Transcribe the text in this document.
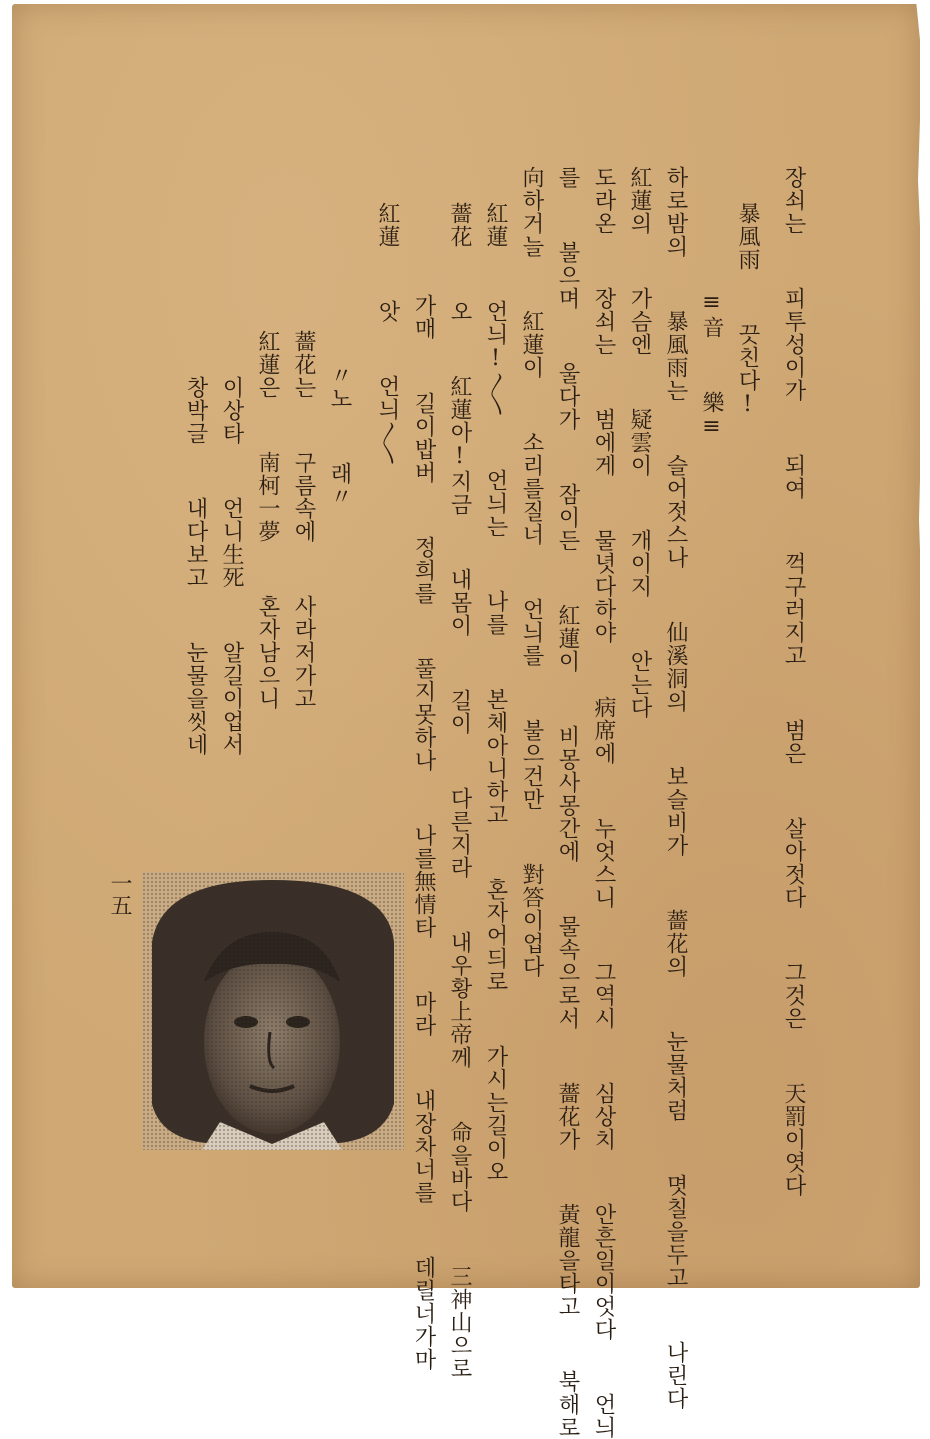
장쇠는  피투성이가  되여  꺽구러지고  범은  살아젓다  그것은  天罰이엿다
暴風雨  끗친다!
≡音  樂≡
하로밤의  暴風雨는  슬어젓스나  仙溪洞의  보슬비가  薔花의  눈물처럼  몃칠을두고  나린다
紅蓮의  가슴엔  疑雲이  개이지  안는다
도라온  장쇠는  범에게  물녓다하야  病席에  누엇스니  그역시  심상치  안흔일이엇다  언늬
를  불으며  울다가  잠이든  紅蓮이  비몽사몽간에  물속으로서  薔花가  黃龍을타고  북해로
向하거늘  紅蓮이  소리를질너  언늬를  불으건만  對答이업다
紅蓮  언늬!〱  언늬는  나를  본체아니하고  혼자어듸로  가시는길이오
薔花  오  紅蓮아!지금  내몸이  길이  다른지라  내우황上帝께  命을바다  三神山으로
가매  길이밥버  정희를  풀지못하나  나를無情타  마라  내장차너를  데릴너가마
紅蓮  앗  언늬〱
〃노  래〃
薔花는  구름속에  사라저가고
紅蓮은  南柯一夢  혼자남으니
이상타  언니生死  알길이업서
창박글  내다보고  눈물을씻네
一五
